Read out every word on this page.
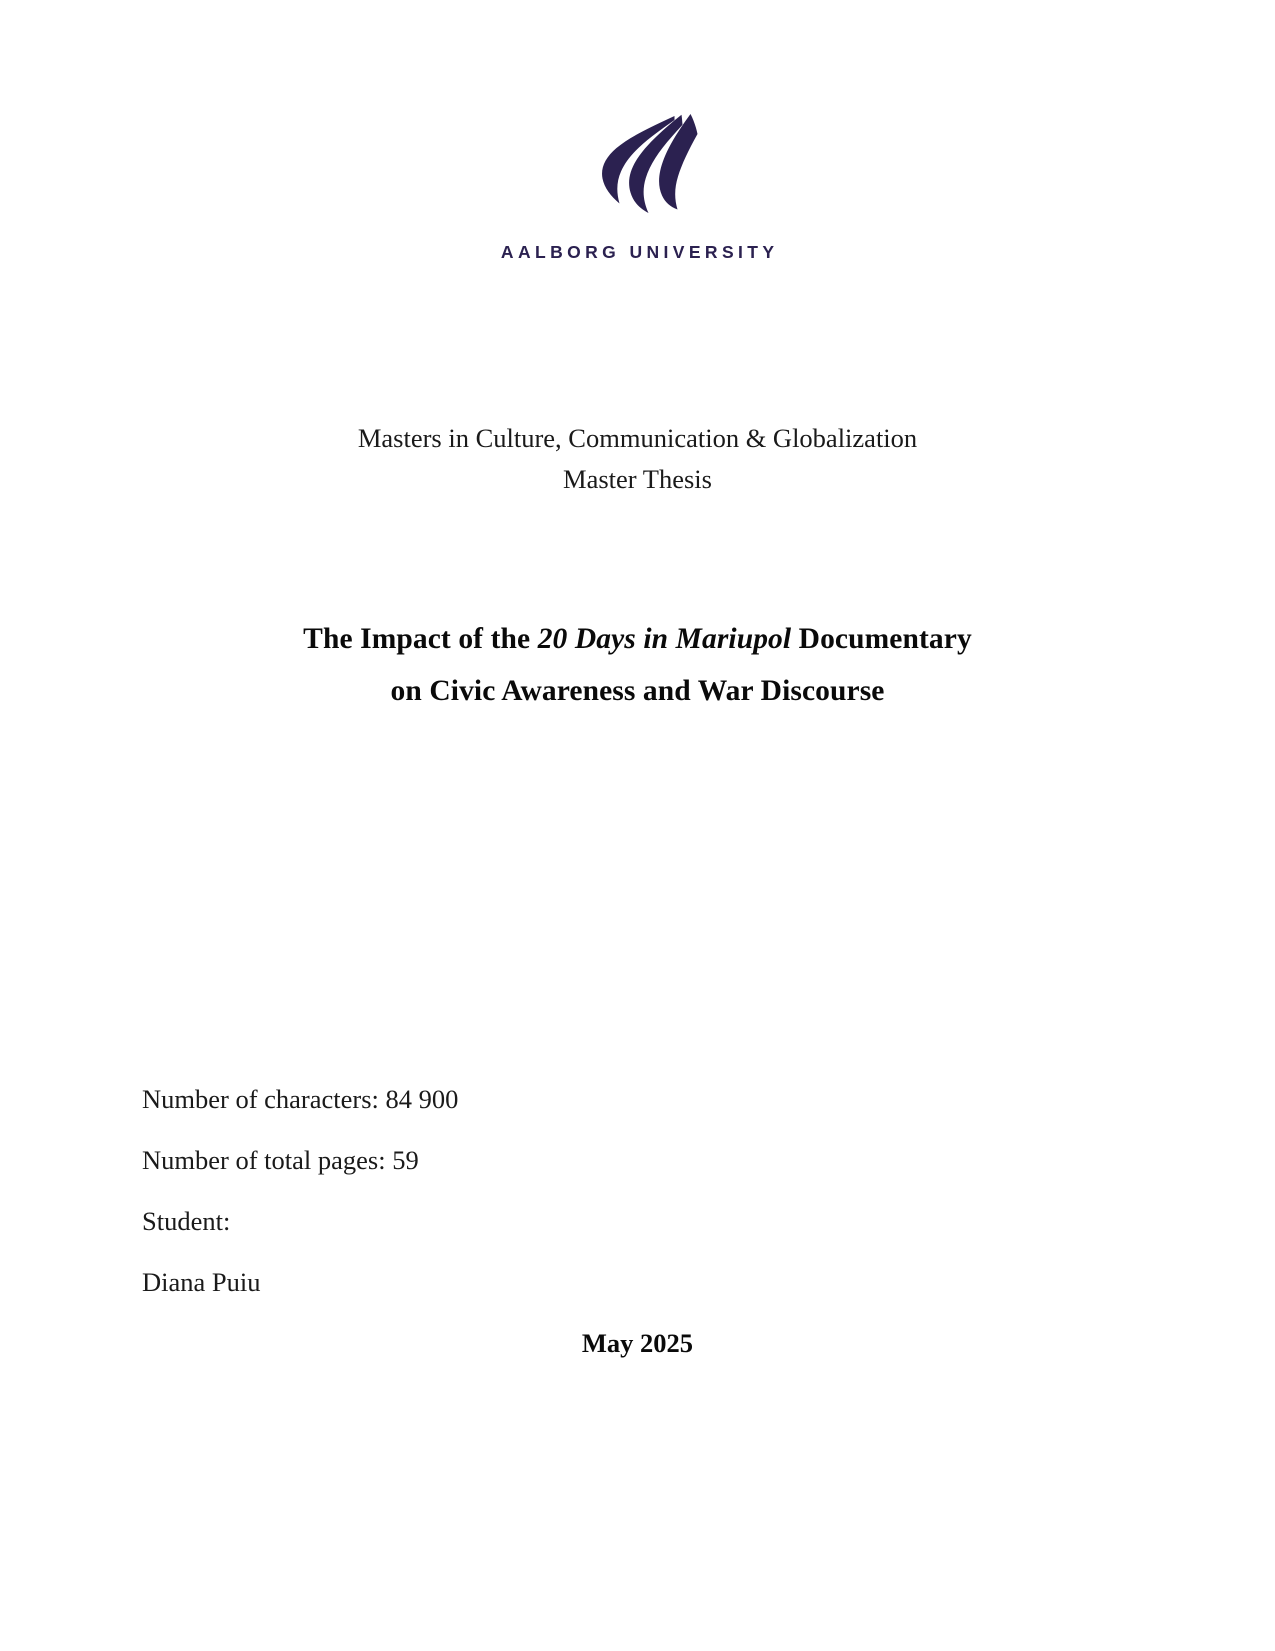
AALBORG UNIVERSITY
Masters in Culture, Communication & Globalization
Master Thesis
The Impact of the 20 Days in Mariupol Documentary
on Civic Awareness and War Discourse
Number of characters: 84 900
Number of total pages: 59
Student:
Diana Puiu
May 2025
